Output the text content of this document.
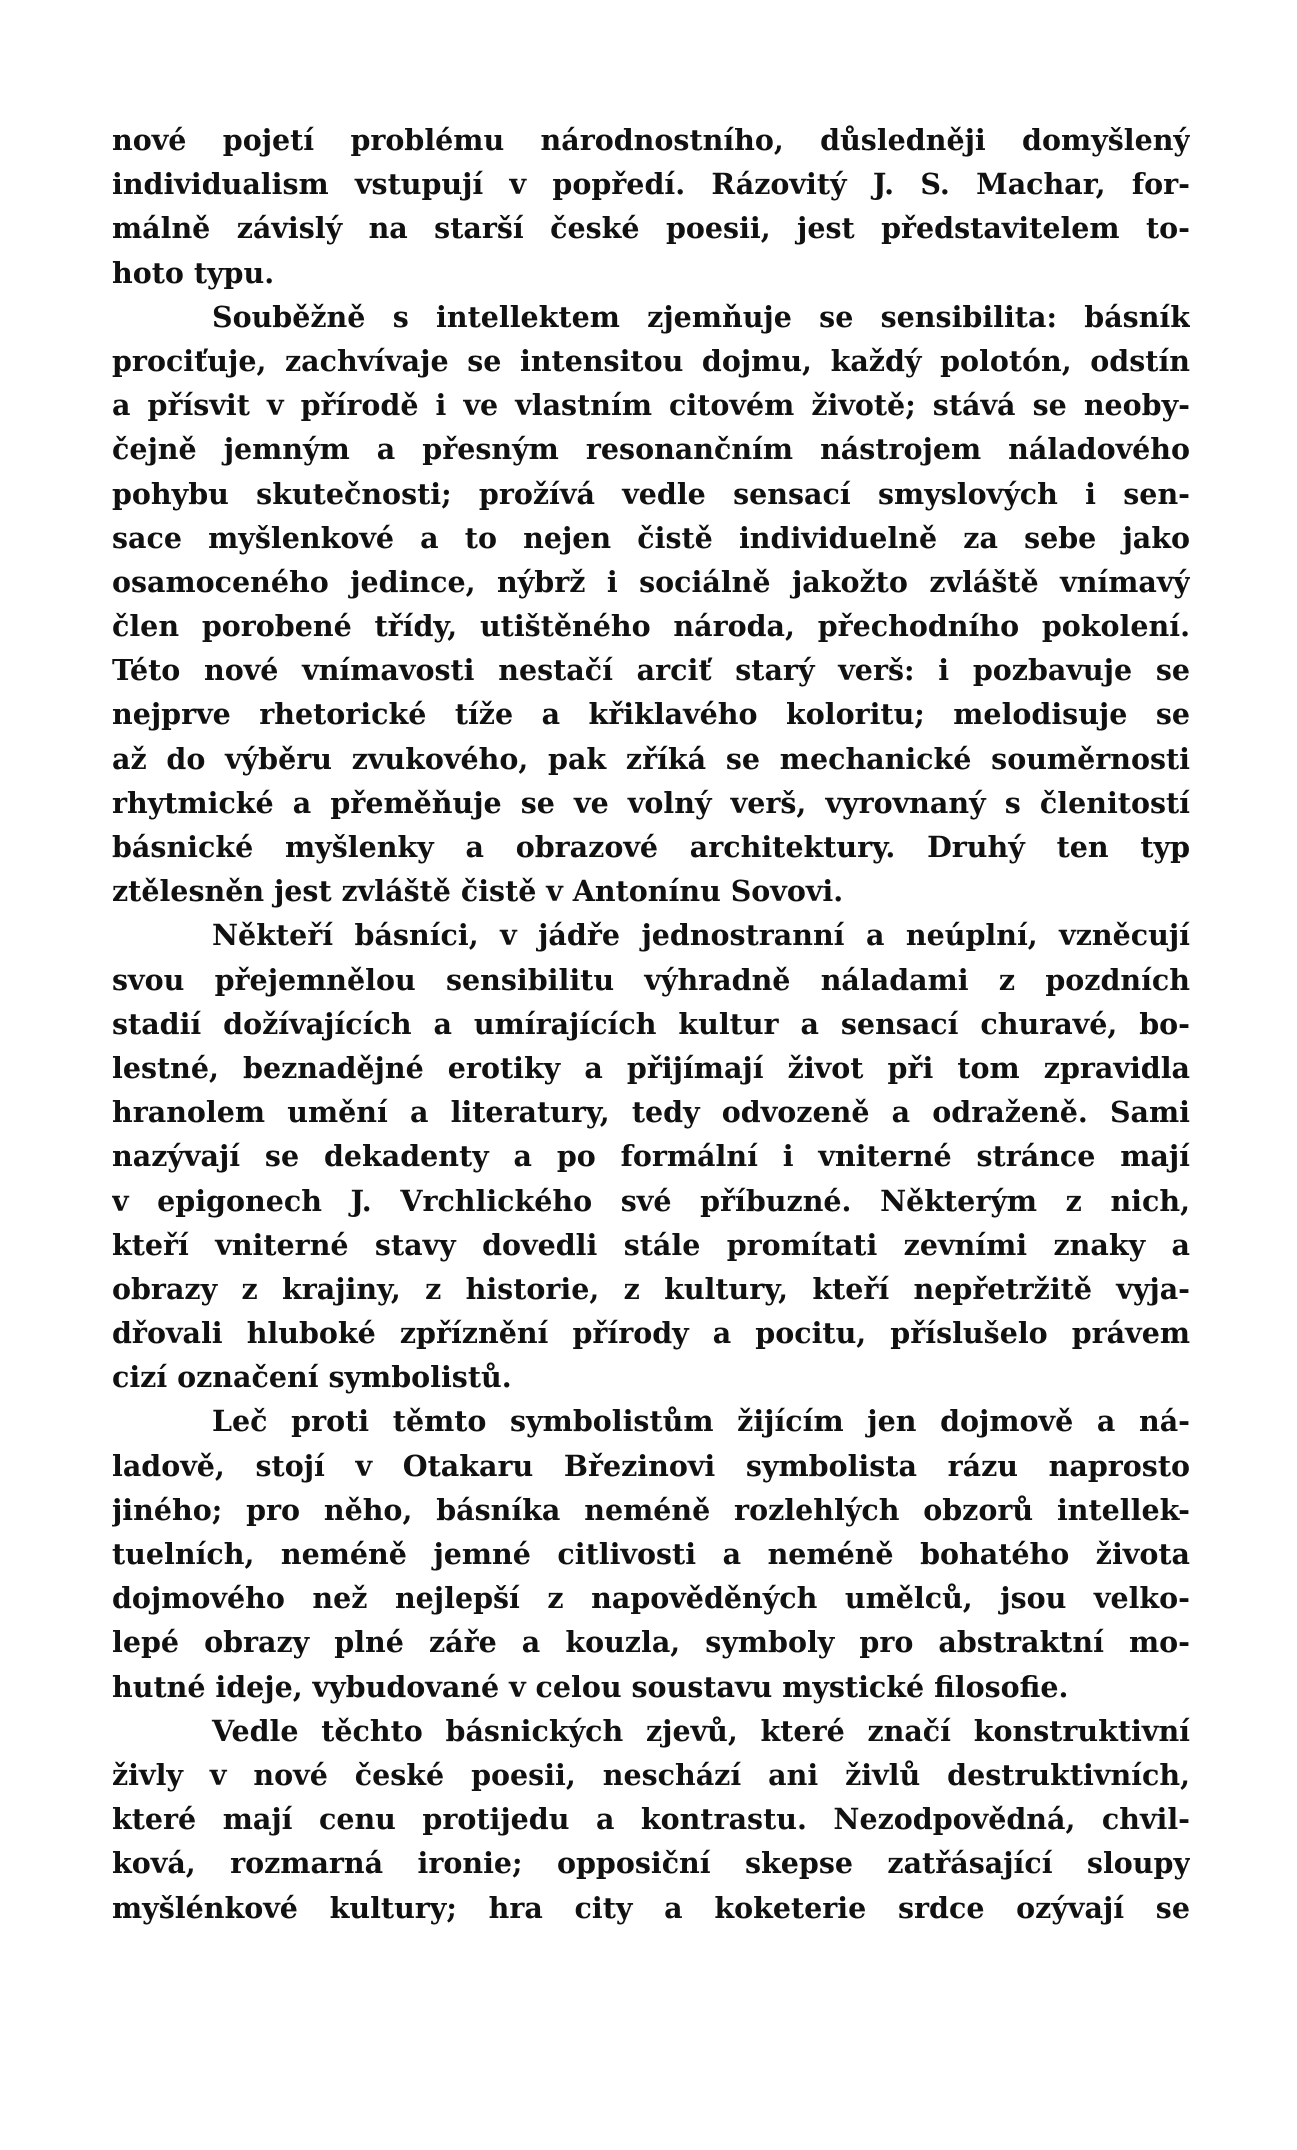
nové pojetí problému národnostního, důsledněji domyšlený
individualism vstupují v popředí. Rázovitý J. S. Machar, for-
málně závislý na starší české poesii, jest představitelem to-
hoto typu.
Souběžně s intellektem zjemňuje se sensibilita: básník
prociťuje, zachvívaje se intensitou dojmu, každý polotón, odstín
a přísvit v přírodě i ve vlastním citovém životě; stává se neoby-
čejně jemným a přesným resonančním nástrojem náladového
pohybu skutečnosti; prožívá vedle sensací smyslových i sen-
sace myšlenkové a to nejen čistě individuelně za sebe jako
osamoceného jedince, nýbrž i sociálně jakožto zvláště vnímavý
člen porobené třídy, utištěného národa, přechodního pokolení.
Této nové vnímavosti nestačí arciť starý verš: i pozbavuje se
nejprve rhetorické tíže a křiklavého koloritu; melodisuje se
až do výběru zvukového, pak zříká se mechanické souměrnosti
rhytmické a přeměňuje se ve volný verš, vyrovnaný s členitostí
básnické myšlenky a obrazové architektury. Druhý ten typ
ztělesněn jest zvláště čistě v Antonínu Sovovi.
Někteří básníci, v jádře jednostranní a neúplní, vzněcují
svou přejemnělou sensibilitu výhradně náladami z pozdních
stadií dožívajících a umírajících kultur a sensací churavé, bo-
lestné, beznadějné erotiky a přijímají život při tom zpravidla
hranolem umění a literatury, tedy odvozeně a odraženě. Sami
nazývají se dekadenty a po formální i vniterné stránce mají
v epigonech J. Vrchlického své příbuzné. Některým z nich,
kteří vniterné stavy dovedli stále promítati zevními znaky a
obrazy z krajiny, z historie, z kultury, kteří nepřetržitě vyja-
dřovali hluboké zpříznění přírody a pocitu, příslušelo právem
cizí označení symbolistů.
Leč proti těmto symbolistům žijícím jen dojmově a ná-
ladově, stojí v Otakaru Březinovi symbolista rázu naprosto
jiného; pro něho, básníka neméně rozlehlých obzorů intellek-
tuelních, neméně jemné citlivosti a neméně bohatého života
dojmového než nejlepší z napověděných umělců, jsou velko-
lepé obrazy plné záře a kouzla, symboly pro abstraktní mo-
hutné ideje, vybudované v celou soustavu mystické filosofie.
Vedle těchto básnických zjevů, které značí konstruktivní
živly v nové české poesii, neschází ani živlů destruktivních,
které mají cenu protijedu a kontrastu. Nezodpovědná, chvil-
ková, rozmarná ironie; opposiční skepse zatřásající sloupy
myšlénkové kultury; hra city a koketerie srdce ozývají se
